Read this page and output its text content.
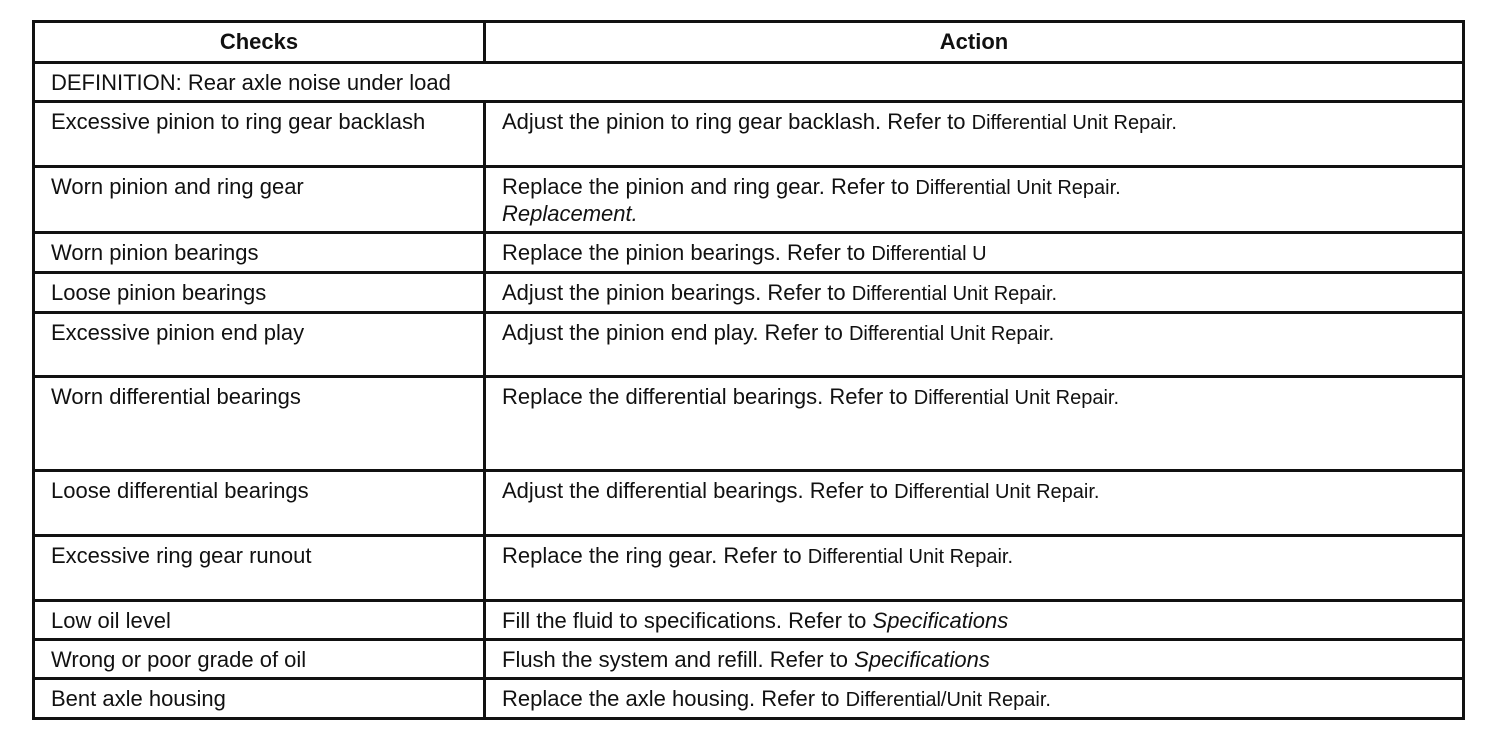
Checks	Action
DEFINITION: Rear axle noise under load	
Excessive pinion to ring gear backlash	Adjust the pinion to ring gear backlash. Refer to Differential Unit Repair.
Worn pinion and ring gear	Replace the pinion and ring gear. Refer to Differential Unit Repair.
Replacement.
Worn pinion bearings	Replace the pinion bearings. Refer to Differential U
Loose pinion bearings	Adjust the pinion bearings. Refer to Differential Unit Repair.
Excessive pinion end play	Adjust the pinion end play. Refer to Differential Unit Repair.
Worn differential bearings	Replace the differential bearings. Refer to Differential Unit Repair.
Loose differential bearings	Adjust the differential bearings. Refer to Differential Unit Repair.
Excessive ring gear runout	Replace the ring gear. Refer to Differential Unit Repair.
Low oil level	Fill the fluid to specifications. Refer to Specifications
Wrong or poor grade of oil	Flush the system and refill. Refer to Specifications
Bent axle housing	Replace the axle housing. Refer to Differential/Unit Repair.
